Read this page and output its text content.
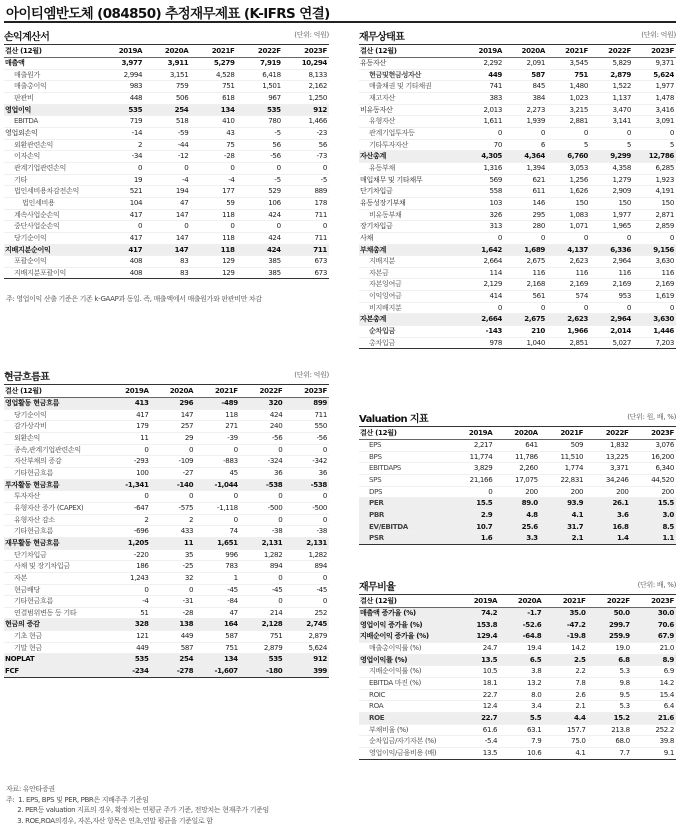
아이티엠반도체 (084850) 추정재무제표 (K-IFRS 연결)
손익계산서	(단위: 억원)
결산 (12월)	2019A	2020A	2021F	2022F	2023F
매출액	3,977	3,911	5,279	7,919	10,294
매출원가	2,994	3,151	4,528	6,418	8,133
매출총이익	983	759	751	1,501	2,162
판관비	448	506	618	967	1,250
영업이익	535	254	134	535	912
EBITDA	719	518	410	780	1,466
영업외손익	-14	-59	43	-5	-23
외환관련손익	2	-44	75	56	56
이자손익	-34	-12	-28	-56	-73
관계기업관련손익	0	0	0	0	0
기타	19	-4	-4	-5	-5
법인세비용차감전손익	521	194	177	529	889
법인세비용	104	47	59	106	178
계속사업순손익	417	147	118	424	711
중단사업순손익	0	0	0	0	0
당기순이익	417	147	118	424	711
지배지분순이익	417	147	118	424	711
포괄순이익	408	83	129	385	673
지배지분포괄이익	408	83	129	385	673
주: 영업이익 산출 기준은 기존 k-GAAP과 동일. 즉, 매출액에서 매출원가와 판관비만 차감
재무상태표	(단위: 억원)
결산 (12월)	2019A	2020A	2021F	2022F	2023F
유동자산	2,292	2,091	3,545	5,829	9,371
현금및현금성자산	449	587	751	2,879	5,624
매출채권 및 기타채권	741	845	1,480	1,522	1,977
재고자산	383	384	1,023	1,137	1,478
비유동자산	2,013	2,273	3,215	3,470	3,416
유형자산	1,611	1,939	2,881	3,141	3,091
관계기업투자등	0	0	0	0	0
기타투자자산	70	6	5	5	5
자산총계	4,305	4,364	6,760	9,299	12,786
유동부채	1,316	1,394	3,053	4,358	6,285
매입채무 및 기타채무	569	621	1,256	1,279	1,923
단기차입금	558	611	1,626	2,909	4,191
유동성장기부채	103	146	150	150	150
비유동부채	326	295	1,083	1,977	2,871
장기차입금	313	280	1,071	1,965	2,859
사채	0	0	0	0	0
부채총계	1,642	1,689	4,137	6,336	9,156
지배지분	2,664	2,675	2,623	2,964	3,630
자본금	114	116	116	116	116
자본잉여금	2,129	2,168	2,169	2,169	2,169
이익잉여금	414	561	574	953	1,619
비지배지분	0	0	0	0	0
자본총계	2,664	2,675	2,623	2,964	3,630
순차입금	-143	210	1,966	2,014	1,446
총차입금	978	1,040	2,851	5,027	7,203
현금흐름표	(단위: 억원)
결산 (12월)	2019A	2020A	2021F	2022F	2023F
영업활동 현금흐름	413	296	-489	320	899
당기순이익	417	147	118	424	711
감가상각비	179	257	271	240	550
외환손익	11	29	-39	-56	-56
종속,관계기업관련손익	0	0	0	0	0
자산부채의 증감	-293	-109	-883	-324	-342
기타현금흐름	100	-27	45	36	36
투자활동 현금흐름	-1,341	-140	-1,044	-538	-538
투자자산	0	0	0	0	0
유형자산 증가 (CAPEX)	-647	-575	-1,118	-500	-500
유형자산 감소	2	2	0	0	0
기타현금흐름	-696	433	74	-38	-38
재무활동 현금흐름	1,205	11	1,651	2,131	2,131
단기차입금	-220	35	996	1,282	1,282
사채 및 장기차입금	186	-25	783	894	894
자본	1,243	32	1	0	0
현금배당	0	0	-45	-45	-45
기타현금흐름	-4	-31	-84	0	0
연결범위변동 등 기타	51	-28	47	214	252
현금의 증감	328	138	164	2,128	2,745
기초 현금	121	449	587	751	2,879
기말 현금	449	587	751	2,879	5,624
NOPLAT	535	254	134	535	912
FCF	-234	-278	-1,607	-180	399
자료: 유안타증권
주:  1. EPS, BPS 및 PER, PBR은 지배주주 기준임
2. PER등 valuation 지표의 경우, 확정치는 연평균 주가 기준, 전망치는 현재주가 기준임
3. ROE,ROA의경우, 자본,자산 항목은 연초,연말 평균을 기준일로 함
Valuation 지표	(단위: 원, 배, %)
결산 (12월)	2019A	2020A	2021F	2022F	2023F
EPS	2,217	641	509	1,832	3,076
BPS	11,774	11,786	11,510	13,225	16,200
EBITDAPS	3,829	2,260	1,774	3,371	6,340
SPS	21,166	17,075	22,831	34,246	44,520
DPS	0	200	200	200	200
PER	15.5	89.0	93.9	26.1	15.5
PBR	2.9	4.8	4.1	3.6	3.0
EV/EBITDA	10.7	25.6	31.7	16.8	8.5
PSR	1.6	3.3	2.1	1.4	1.1
재무비율	(단위: 배, %)
결산 (12월)	2019A	2020A	2021F	2022F	2023F
매출액 증가율 (%)	74.2	-1.7	35.0	50.0	30.0
영업이익 증가율 (%)	153.8	-52.6	-47.2	299.7	70.6
지배순이익 증가율 (%)	129.4	-64.8	-19.8	259.9	67.9
매출총이익률 (%)	24.7	19.4	14.2	19.0	21.0
영업이익률 (%)	13.5	6.5	2.5	6.8	8.9
지배순이익률 (%)	10.5	3.8	2.2	5.3	6.9
EBITDA 마진 (%)	18.1	13.2	7.8	9.8	14.2
ROIC	22.7	8.0	2.6	9.5	15.4
ROA	12.4	3.4	2.1	5.3	6.4
ROE	22.7	5.5	4.4	15.2	21.6
부채비율 (%)	61.6	63.1	157.7	213.8	252.2
순차입금/자기자본 (%)	-5.4	7.9	75.0	68.0	39.8
영업이익/금융비용 (배)	13.5	10.6	4.1	7.7	9.1
